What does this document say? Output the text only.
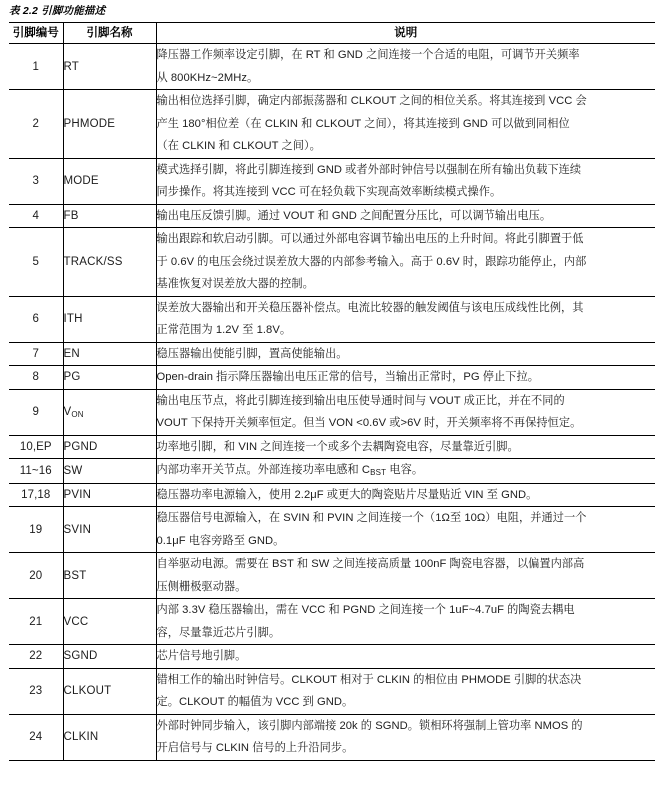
表 2.2 引脚功能描述
引脚编号	引脚名称	说明
1	RT	降压器工作频率设定引脚，在 RT 和 GND 之间连接一个合适的电阻，可调节开关频率
从 800KHz~2MHz。

2	PHMODE	输出相位选择引脚，确定内部振荡器和 CLKOUT 之间的相位关系。将其连接到 VCC 会
产生 180°相位差（在 CLKIN 和 CLKOUT 之间），将其连接到 GND 可以做到同相位
（在 CLKIN 和 CLKOUT 之间）。

3	MODE	模式选择引脚，将此引脚连接到 GND 或者外部时钟信号以强制在所有输出负载下连续
同步操作。将其连接到 VCC 可在轻负载下实现高效率断续模式操作。

4	FB	输出电压反馈引脚。通过 VOUT 和 GND 之间配置分压比，可以调节输出电压。

5	TRACK/SS	输出跟踪和软启动引脚。可以通过外部电容调节输出电压的上升时间。将此引脚置于低
于 0.6V 的电压会绕过误差放大器的内部参考输入。高于 0.6V 时，跟踪功能停止，内部
基准恢复对误差放大器的控制。

6	ITH	误差放大器输出和开关稳压器补偿点。电流比较器的触发阈值与该电压成线性比例，其
正常范围为 1.2V 至 1.8V。

7	EN	稳压器输出使能引脚，置高使能输出。

8	PG	Open-drain 指示降压器输出电压正常的信号，当输出正常时，PG 停止下拉。

9	$V_{ON}$	输出电压节点，将此引脚连接到输出电压使导通时间与 VOUT 成正比，并在不同的
VOUT 下保持开关频率恒定。但当 VON <0.6V 或>6V 时，开关频率将不再保持恒定。

10,EP	PGND	功率地引脚，和 VIN 之间连接一个或多个去耦陶瓷电容，尽量靠近引脚。

11~16	SW	内部功率开关节点。外部连接功率电感和 $C_{BST}$ 电容。

17,18	PVIN	稳压器功率电源输入，使用 2.2μF 或更大的陶瓷贴片尽量贴近 VIN 至 GND。

19	SVIN	稳压器信号电源输入，在 SVIN 和 PVIN 之间连接一个（1Ω至 10Ω）电阻，并通过一个
0.1μF 电容旁路至 GND。

20	BST	自举驱动电源。需要在 BST 和 SW 之间连接高质量 100nF 陶瓷电容器，以偏置内部高
压侧栅极驱动器。

21	VCC	内部 3.3V 稳压器输出，需在 VCC 和 PGND 之间连接一个 1uF~4.7uF 的陶瓷去耦电
容，尽量靠近芯片引脚。

22	SGND	芯片信号地引脚。

23	CLKOUT	错相工作的输出时钟信号。CLKOUT 相对于 CLKIN 的相位由 PHMODE 引脚的状态决
定。CLKOUT 的幅值为 VCC 到 GND。

24	CLKIN	外部时钟同步输入，该引脚内部端接 20k 的 SGND。锁相环将强制上管功率 NMOS 的
开启信号与 CLKIN 信号的上升沿同步。
